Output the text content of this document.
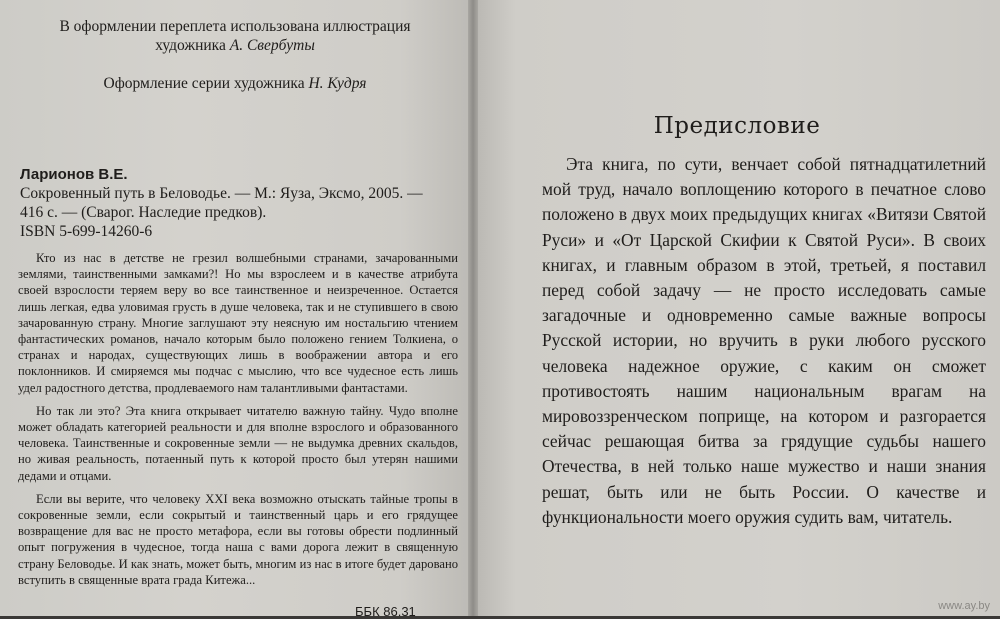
В оформлении переплета использована иллюстрация
художника А. Свербуты
Оформление серии художника Н. Кудря
Ларионов В.Е.
Сокровенный путь в Беловодье. — М.: Яуза, Эксмо, 2005. —
416 с. — (Сварог. Наследие предков).
ISBN 5-699-14260-6

Кто из нас в детстве не грезил волшебными странами, зачарованными землями, таинственными замками?! Но мы взрослеем и в качестве атрибута своей взрослости теряем веру во все таинственное и неизреченное. Остается лишь легкая, едва уловимая грусть в душе человека, так и не ступившего в свою зачарованную страну. Многие заглушают эту неясную им ностальгию чтением фантастических романов, начало которым было положено гением Толкиена, о странах и народах, существующих лишь в воображении автора и его поклонников. И смиряемся мы подчас с мыслию, что все чудесное есть лишь удел радостного детства, продлеваемого нам талантливыми фантастами.

Но так ли это? Эта книга открывает читателю важную тайну. Чудо вполне может обладать категорией реальности и для вполне взрослого и образованного человека. Таинственные и сокровенные земли — не выдумка древних скальдов, но живая реальность, потаенный путь к которой просто был утерян нашими дедами и отцами.

Если вы верите, что человеку XXI века возможно отыскать тайные тропы в сокровенные земли, если сокрытый и таинственный царь и его грядущее возвращение для вас не просто метафора, если вы готовы обрести подлинный опыт погружения в чудесное, тогда наша с вами дорога лежит в священную страну Беловодье. И как знать, может быть, многим из нас в итоге будет даровано вступить в священные врата града Китежа...

ББК 86.31
Предисловие

Эта книга, по сути, венчает собой пятнадцатилетний мой труд, начало воплощению которого в печатное слово положено в двух моих предыдущих книгах «Витязи Святой Руси» и «От Царской Скифии к Святой Руси». В своих книгах, и главным образом в этой, третьей, я поставил перед собой задачу — не просто исследовать самые загадочные и одновременно самые важные вопросы Русской истории, но вручить в руки любого русского человека надежное оружие, с каким он сможет противостоять нашим национальным врагам на мировоззренческом поприще, на котором и разгорается сейчас решающая битва за грядущие судьбы нашего Отечества, в ней только наше мужество и наши знания решат, быть или не быть России. О качестве и функциональности моего оружия судить вам, читатель.

www.ay.by
